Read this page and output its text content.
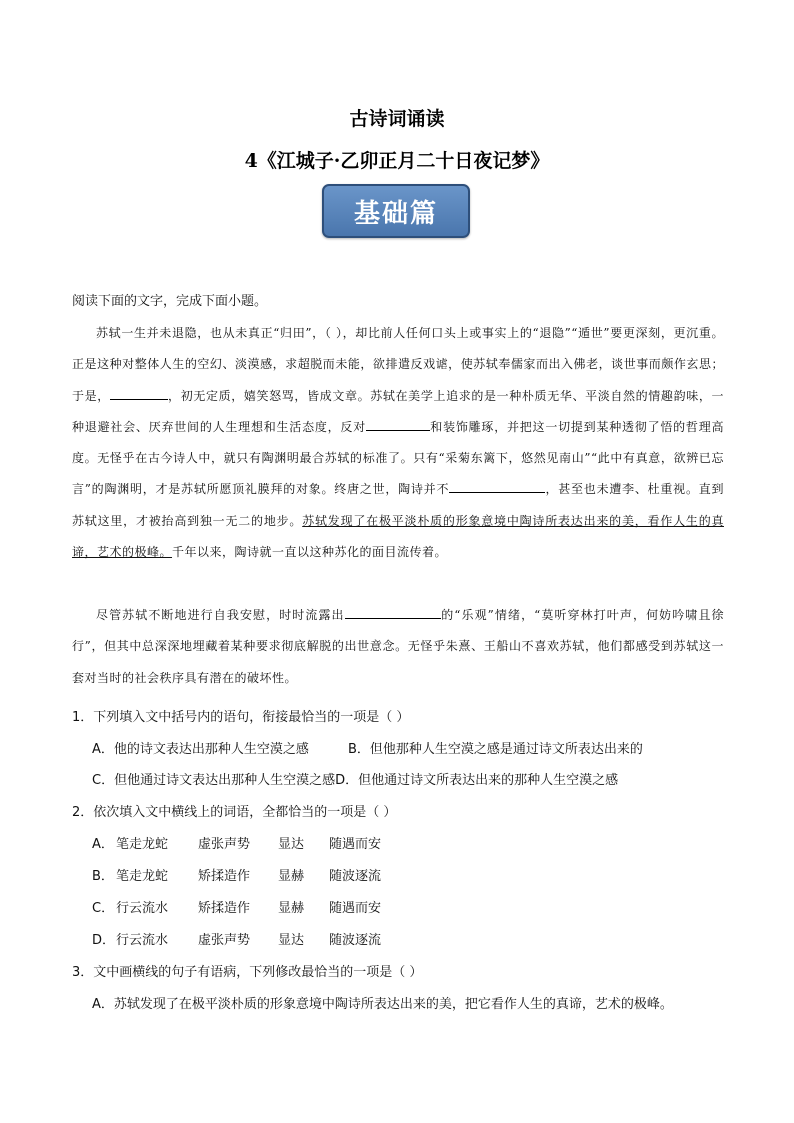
古诗词诵读
4《江城子·乙卯正月二十日夜记梦》
基础篇
阅读下面的文字，完成下面小题。

苏轼一生并未退隐，也从未真正“归田”，（ ），却比前人任何口头上或事实上的“退隐”“遁世”要更深刻，更沉重。正是这种对整体人生的空幻、淡漠感，求超脱而未能，欲排遣反戏谑，使苏轼奉儒家而出入佛老，谈世事而颇作玄思；于是，	，初无定质，嬉笑怒骂，皆成文章。苏轼在美学上追求的是一种朴质无华、平淡自然的情趣韵味，一种退避社会、厌弃世间的人生理想和生活态度，反对	和装饰雕琢，并把这一切提到某种透彻了悟的哲理高度。无怪乎在古今诗人中，就只有陶渊明最合苏轼的标准了。只有“采菊东篱下，悠然见南山”“此中有真意，欲辨已忘言”的陶渊明，才是苏轼所愿顶礼膜拜的对象。终唐之世，陶诗并不	，甚至也未遭李、杜重视。直到苏轼这里，才被抬高到独一无二的地步。苏轼发现了在极平淡朴质的形象意境中陶诗所表达出来的美，看作人生的真谛，艺术的极峰。千年以来，陶诗就一直以这种苏化的面目流传着。

尽管苏轼不断地进行自我安慰，时时流露出	的“乐观”情绪，“莫听穿林打叶声，何妨吟啸且徐行”，但其中总深深地埋藏着某种要求彻底解脱的出世意念。无怪乎朱熹、王船山不喜欢苏轼，他们都感受到苏轼这一套对当时的社会秩序具有潜在的破坏性。

1．下列填入文中括号内的语句，衔接最恰当的一项是（ ）
A．他的诗文表达出那种人生空漠之感	B．但他那种人生空漠之感是通过诗文所表达出来的
C．但他通过诗文表达出那种人生空漠之感D．但他通过诗文所表达出来的那种人生空漠之感
2．依次填入文中横线上的词语，全都恰当的一项是（ ）
A． 笔走龙蛇 虚张声势 显达 随遇而安
B． 笔走龙蛇 矫揉造作 显赫 随波逐流
C． 行云流水 矫揉造作 显赫 随遇而安
D．行云流水 虚张声势 显达 随波逐流
3．文中画横线的句子有语病，下列修改最恰当的一项是（ ）
A．苏轼发现了在极平淡朴质的形象意境中陶诗所表达出来的美，把它看作人生的真谛，艺术的极峰。
